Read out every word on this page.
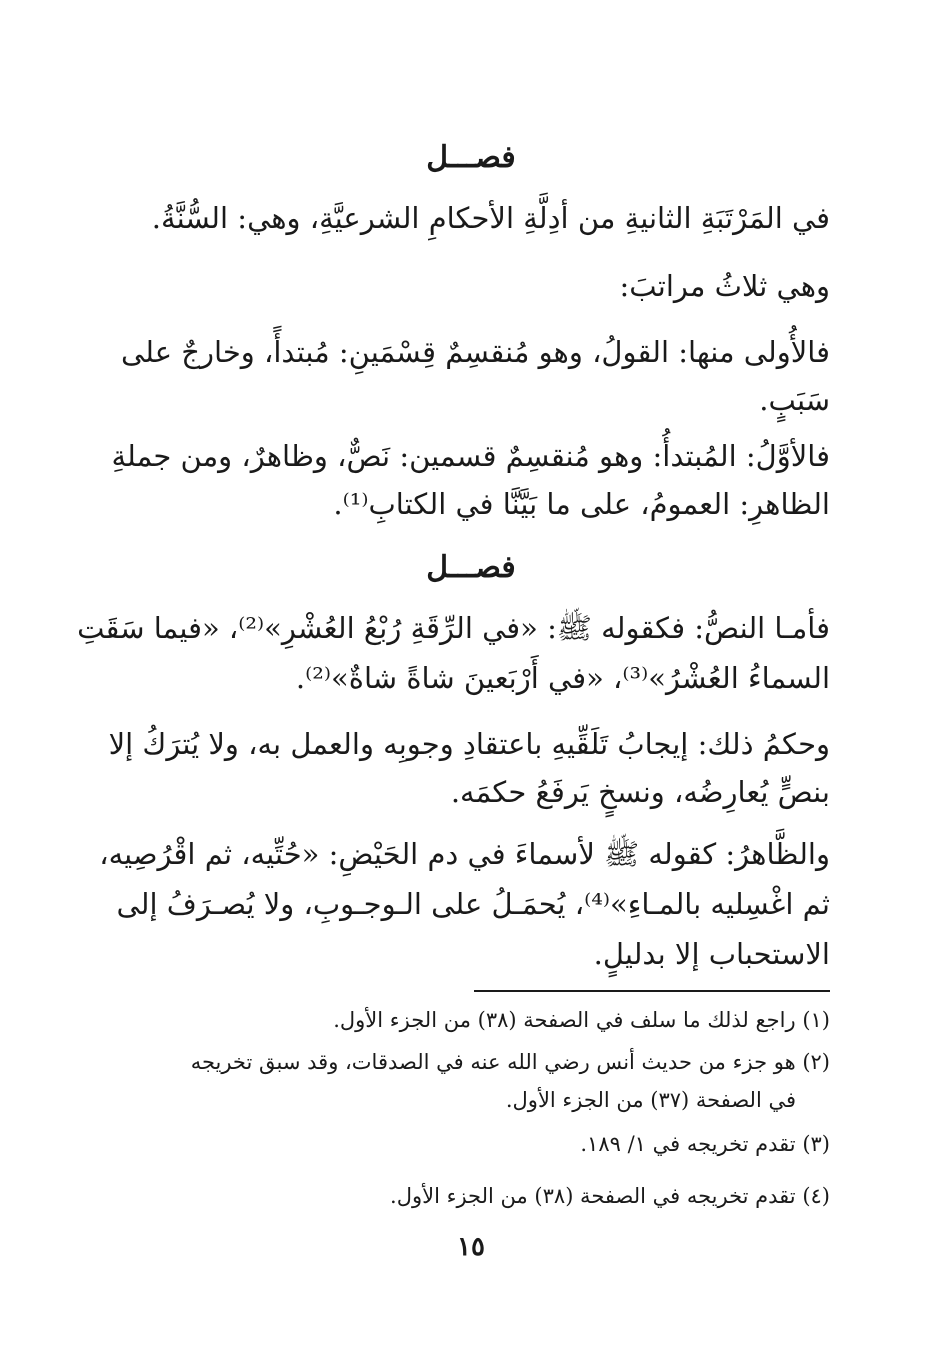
فصـــل
في المَرْتَبَةِ الثانيةِ من أدِلَّةِ الأحكامِ الشرعيَّةِ، وهي: السُّنَّةُ.
وهي ثلاثُ مراتبَ:
فالأُولى منها: القولُ، وهو مُنقسِمٌ قِسْمَينِ: مُبتدأً، وخارجٌ على
سَبَبٍ.
فالأوَّلُ: المُبتدأُ: وهو مُنقسِمٌ قسمين: نَصٌّ، وظاهرٌ، ومن جملةِ
الظاهرِ: العمومُ، على ما بَيَّنَّا في الكتابِ⁽¹⁾.
فصـــل
فأمـا النصُّ: فكقوله ﷺ: «في الرِّقَةِ رُبْعُ العُشْرِ»⁽²⁾، «فيما سَقَتِ
السماءُ العُشْرُ»⁽³⁾، «في أَرْبَعينَ شاةً شاةٌ»⁽²⁾.
وحكمُ ذلك: إيجابُ تَلَقِّيهِ باعتقادِ وجوبِه والعمل به، ولا يُترَكُ إلا
بنصٍّ يُعارِضُه، ونسخٍ يَرفَعُ حكمَه.
والظَّاهرُ: كقوله ﷺ لأسماءَ في دم الحَيْضِ: «حُتِّيه، ثم اقْرُصِيه،
ثم اغْسِليه بالمـاءِ»⁽⁴⁾، يُحمَـلُ على الـوجـوبِ، ولا يُصـرَفُ إلى
الاستحباب إلا بدليلٍ.
(١) راجع لذلك ما سلف في الصفحة (٣٨) من الجزء الأول.
(٢) هو جزء من حديث أنس رضي الله عنه في الصدقات، وقد سبق تخريجه
في الصفحة (٣٧) من الجزء الأول.
(٣) تقدم تخريجه في ١/ ١٨٩.
(٤) تقدم تخريجه في الصفحة (٣٨) من الجزء الأول.
١٥
